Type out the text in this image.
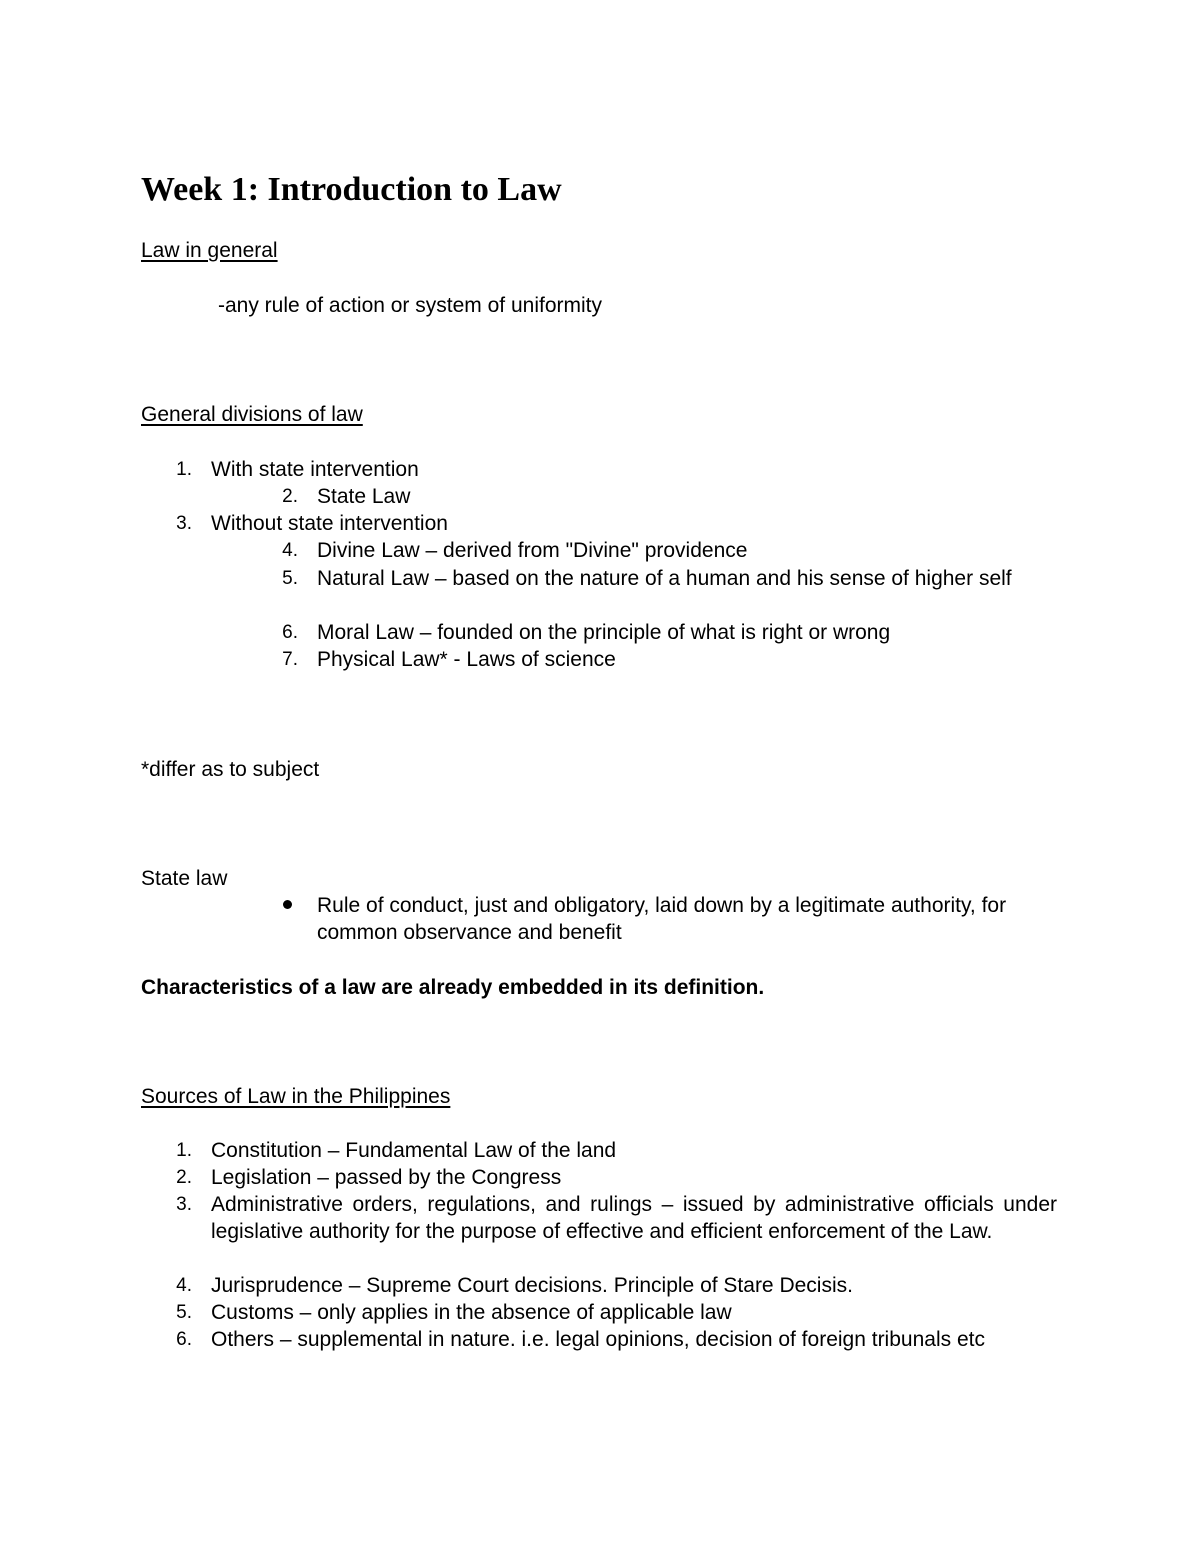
Week 1: Introduction to Law
Law in general
-any rule of action or system of uniformity
General divisions of law
1. With state intervention
2. State Law
3. Without state intervention
4. Divine Law – derived from "Divine" providence
5. Natural Law – based on the nature of a human and his sense of higher self
6. Moral Law – founded on the principle of what is right or wrong
7. Physical Law* - Laws of science
*differ as to subject
State law
Rule of conduct, just and obligatory, laid down by a legitimate authority, for common observance and benefit
Characteristics of a law are already embedded in its definition.
Sources of Law in the Philippines
1. Constitution – Fundamental Law of the land
2. Legislation – passed by the Congress
3. Administrative orders, regulations, and rulings – issued by administrative officials under legislative authority for the purpose of effective and efficient enforcement of the Law.
4. Jurisprudence – Supreme Court decisions. Principle of Stare Decisis.
5. Customs – only applies in the absence of applicable law
6. Others – supplemental in nature. i.e. legal opinions, decision of foreign tribunals etc
